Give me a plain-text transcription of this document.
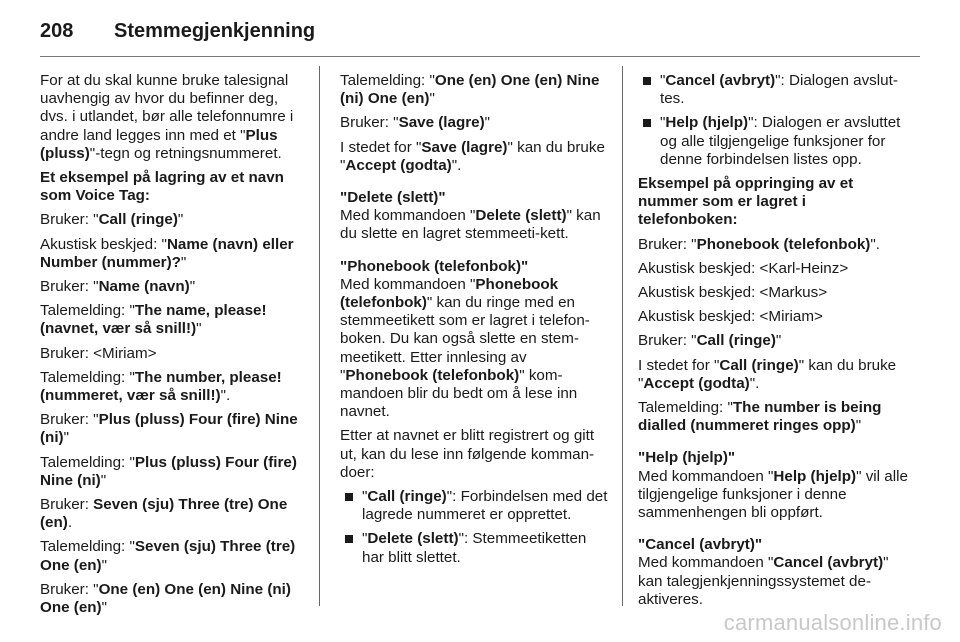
208 Stemmegjenkjenning

For at du skal kunne bruke talesignal uavhengig av hvor du befinner deg, dvs. i utlandet, bør alle telefonnumre i andre land legges inn med et "Plus (pluss)"-tegn og retningsnummeret.

Et eksempel på lagring av et navn som Voice Tag:

Bruker: "Call (ringe)"

Akustisk beskjed: "Name (navn) eller Number (nummer)?"

Bruker: "Name (navn)"

Talemelding: "The name, please! (navnet, vær så snill!)"

Bruker: <Miriam>

Talemelding: "The number, please! (nummeret, vær så snill!)".

Bruker: "Plus (pluss) Four (fire) Nine (ni)"

Talemelding: "Plus (pluss) Four (fire) Nine (ni)"

Bruker: Seven (sju) Three (tre) One (en).

Talemelding: "Seven (sju) Three (tre) One (en)"

Bruker: "One (en) One (en) Nine (ni) One (en)"

Talemelding: "One (en) One (en) Nine (ni) One (en)"

Bruker: "Save (lagre)"

I stedet for "Save (lagre)" kan du bruke "Accept (godta)".

"Delete (slett)"
Med kommandoen "Delete (slett)" kan du slette en lagret stemmeeti‐kett.

"Phonebook (telefonbok)"
Med kommandoen "Phonebook (telefonbok)" kan du ringe med en stemmeetikett som er lagret i telefon‐boken. Du kan også slette en stem‐meetikett. Etter innlesing av "Phonebook (telefonbok)" kom‐mandoen blir du bedt om å lese inn navnet.

Etter at navnet er blitt registrert og gitt ut, kan du lese inn følgende komman‐doer:

"Call (ringe)": Forbindelsen med det lagrede nummeret er opprettet.
"Delete (slett)": Stemmeetiketten har blitt slettet.
"Cancel (avbryt)": Dialogen avslut‐tes.
"Help (hjelp)": Dialogen er avsluttet og alle tilgjengelige funksjoner for denne forbindelsen listes opp.

Eksempel på oppringing av et nummer som er lagret i telefonboken:

Bruker: "Phonebook (telefonbok)".

Akustisk beskjed: <Karl-Heinz>

Akustisk beskjed: <Markus>

Akustisk beskjed: <Miriam>

Bruker: "Call (ringe)"

I stedet for "Call (ringe)" kan du bruke "Accept (godta)".

Talemelding: "The number is being dialled (nummeret ringes opp)"

"Help (hjelp)"
Med kommandoen "Help (hjelp)" vil alle tilgjengelige funksjoner i denne sammenhengen bli oppført.

"Cancel (avbryt)"
Med kommandoen "Cancel (avbryt)" kan talegjenkjenningssystemet de‐aktiveres.

carmanualsonline.info
